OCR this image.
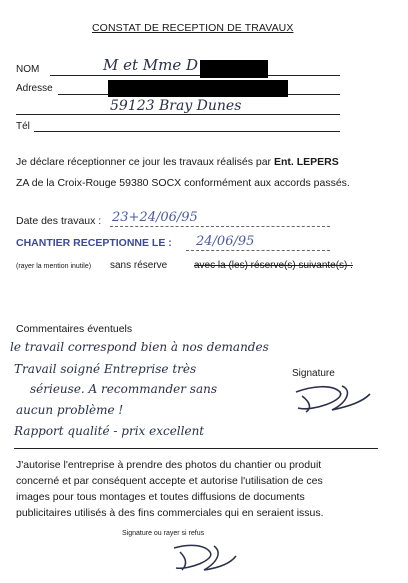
CONSTAT DE RECEPTION DE TRAVAUX
NOM	M et Mme D
Adresse
59123 Bray Dunes
Tél
Je déclare réceptionner ce jour les travaux réalisés par Ent. LEPERS
ZA de la Croix-Rouge 59380 SOCX conformément aux accords passés.
Date des travaux : 23+24/06/95
CHANTIER RECEPTIONNE LE : 24/06/95
(rayer la mention inutile) sans réserve	avec la (les) réserve(s) suivante(s) :
Commentaires éventuels
le travail correspond bien à nos demandes
Travail soigné Entreprise très
sérieuse. A recommander sans
aucun problème !
Rapport qualité - prix excellent
Signature
J'autorise l'entreprise à prendre des photos du chantier ou produit
concerné et par conséquent accepte et autorise l'utilisation de ces
images pour tous montages et toutes diffusions de documents
publicitaires utilisés à des fins commerciales qui en seraient issus.
Signature ou rayer si refus
